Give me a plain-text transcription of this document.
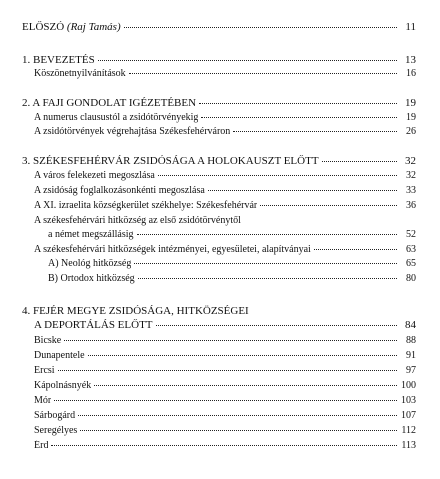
ELŐSZÓ (Raj Tamás)	11
1. BEVEZETÉS	13
Köszönetnyilvánítások	16
2. A FAJI GONDOLAT IGÉZETÉBEN	19
A numerus clausustól a zsidótörvényekig	19
A zsidótörvények végrehajtása Székesfehérváron	26
3. SZÉKESFEHÉRVÁR ZSIDÓSÁGA A HOLOKAUSZT ELŐTT	32
A város felekezeti megoszlása	32
A zsidóság foglalkozásonkénti megoszlása	33
A XI. izraelita községkerület székhelye: Székesfehérvár	36
A székesfehérvári hitközség az első zsidótörvénytől
a német megszállásig	52
A székesfehérvári hitközségek intézményei, egyesületei, alapítványai	63
A) Neológ hitközség	65
B) Ortodox hitközség	80
4. FEJÉR MEGYE ZSIDÓSÁGA, HITKÖZSÉGEI
A DEPORTÁLÁS ELŐTT	84
Bicske	88
Dunapentele	91
Ercsi	97
Kápolnásnyék	100
Mór	103
Sárbogárd	107
Seregélyes	112
Érd	113
